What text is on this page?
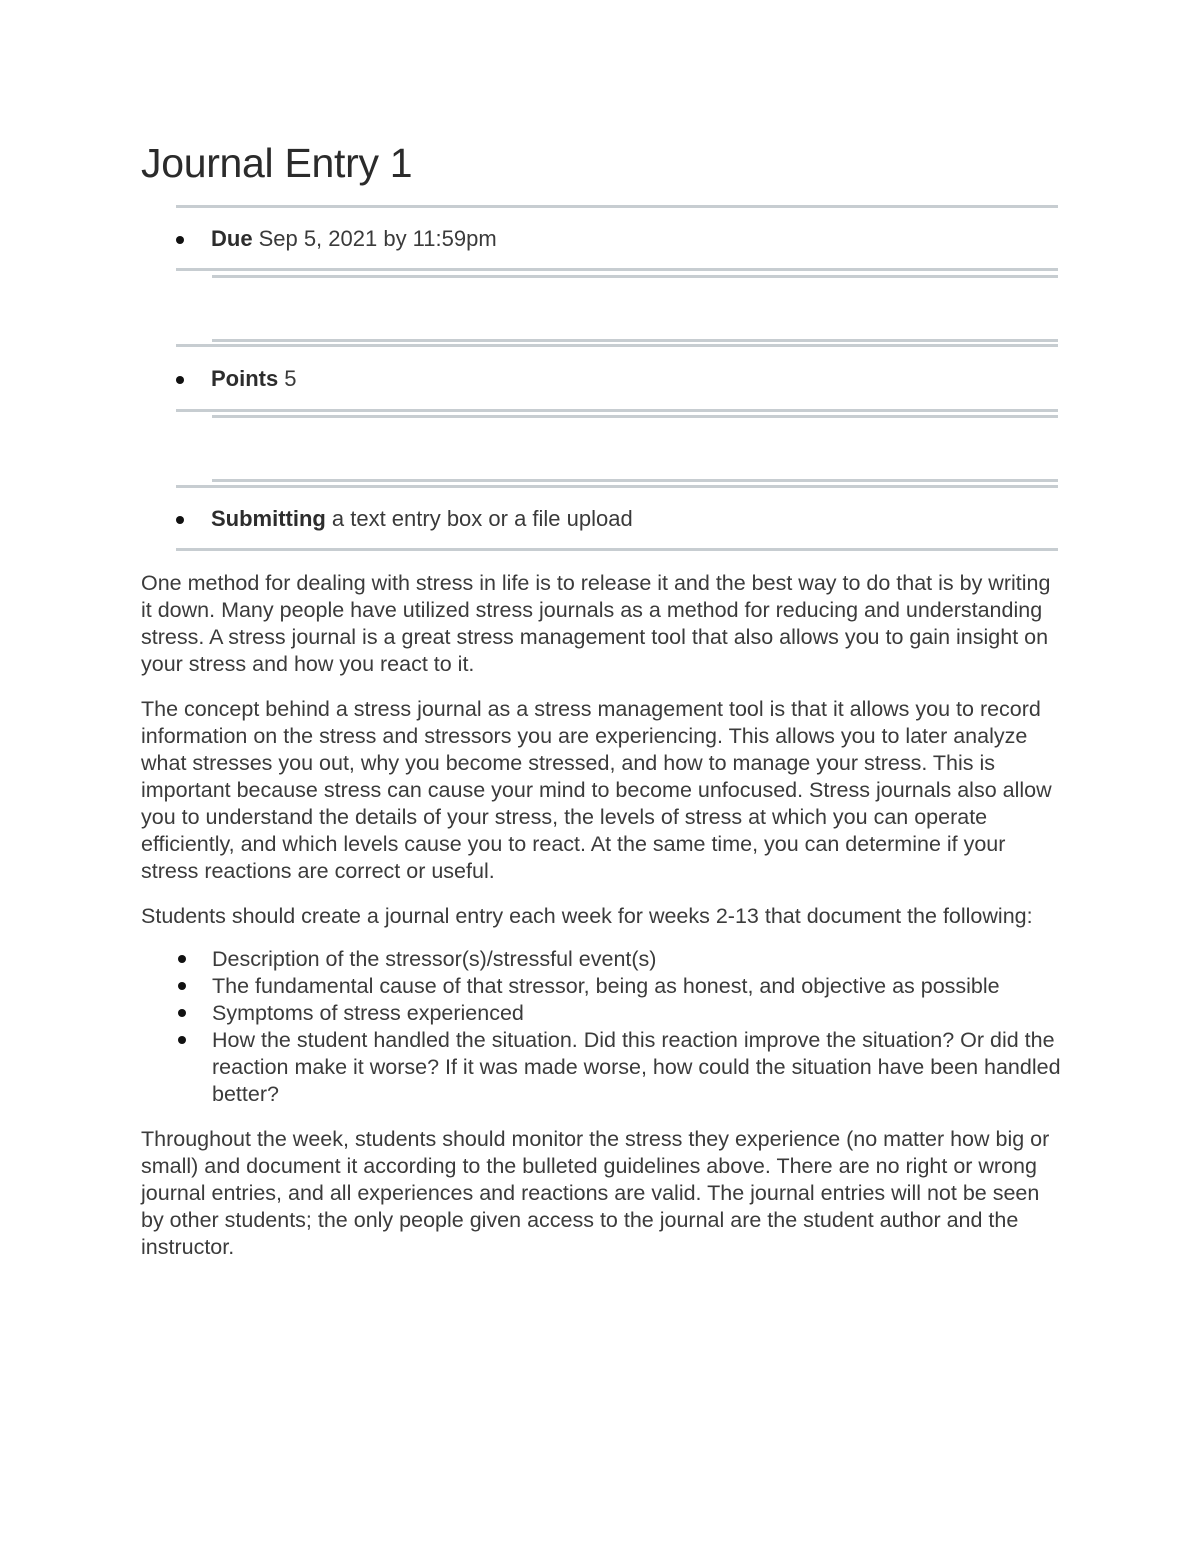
Journal Entry 1
Due Sep 5, 2021 by 11:59pm
Points 5
Submitting a text entry box or a file upload

One method for dealing with stress in life is to release it and the best way to do that is by writing it down. Many people have utilized stress journals as a method for reducing and understanding stress. A stress journal is a great stress management tool that also allows you to gain insight on your stress and how you react to it.

The concept behind a stress journal as a stress management tool is that it allows you to record information on the stress and stressors you are experiencing. This allows you to later analyze what stresses you out, why you become stressed, and how to manage your stress. This is important because stress can cause your mind to become unfocused. Stress journals also allow you to understand the details of your stress, the levels of stress at which you can operate efficiently, and which levels cause you to react. At the same time, you can determine if your stress reactions are correct or useful.

Students should create a journal entry each week for weeks 2-13 that document the following:

Description of the stressor(s)/stressful event(s)
The fundamental cause of that stressor, being as honest, and objective as possible
Symptoms of stress experienced
How the student handled the situation. Did this reaction improve the situation? Or did the reaction make it worse? If it was made worse, how could the situation have been handled better?

Throughout the week, students should monitor the stress they experience (no matter how big or small) and document it according to the bulleted guidelines above. There are no right or wrong journal entries, and all experiences and reactions are valid. The journal entries will not be seen by other students; the only people given access to the journal are the student author and the instructor.
